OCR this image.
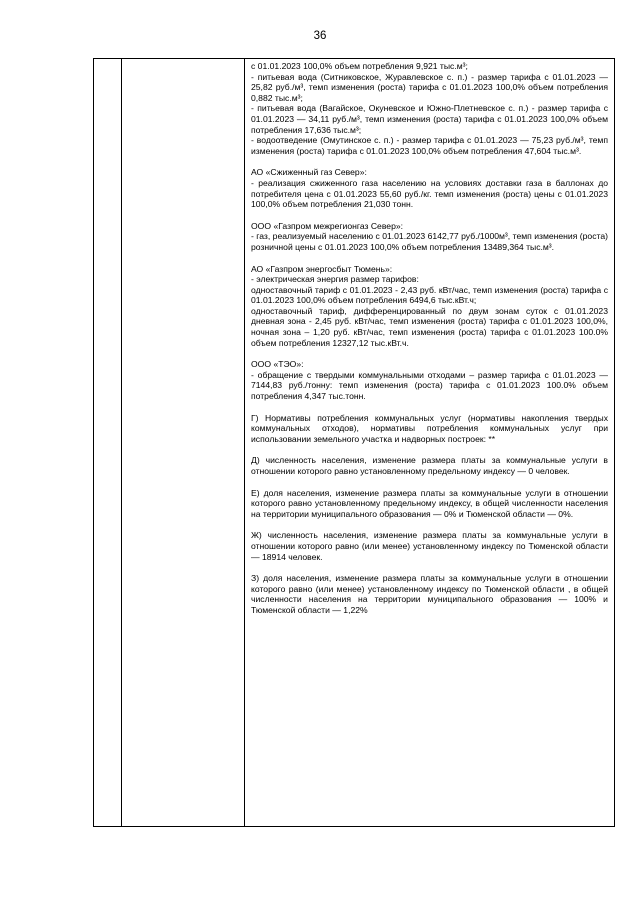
36
с 01.01.2023 100,0% объем потребления 9,921 тыс.м³;
- питьевая вода (Ситниковское, Журавлевское с. п.) - размер тарифа с 01.01.2023 — 25,82 руб./м³, темп изменения (роста) тарифа с 01.01.2023 100,0% объем потребления 0,882 тыс.м³;
- питьевая вода (Вагайское, Окуневское и Южно-Плетневское с. п.) - размер тарифа с 01.01.2023 — 34,11 руб./м³, темп изменения (роста) тарифа с 01.01.2023 100,0% объем потребления 17,636 тыс.м³;
- водоотведение (Омутинское с. п.) - размер тарифа с 01.01.2023 — 75,23 руб./м³, темп изменения (роста) тарифа с 01.01.2023 100,0% объем потребления 47,604 тыс.м³.
АО «Сжиженный газ Север»:
- реализация сжиженного газа населению на условиях доставки газа в баллонах до потребителя цена с 01.01.2023 55,60 руб./кг. темп изменения (роста) цены с 01.01.2023 100,0% объем потребления 21,030 тонн.
ООО «Газпром межрегионгаз Север»:
- газ, реализуемый населению с 01.01.2023 6142,77 руб./1000м³, темп изменения (роста) розничной цены с 01.01.2023 100,0% объем потребления 13489,364 тыс.м³.
АО «Газпром энергосбыт Тюмень»:
- электрическая энергия размер тарифов:
одноставочный тариф с 01.01.2023 - 2,43 руб. кВт/час, темп изменения (роста) тарифа с 01.01.2023 100,0% объем потребления 6494,6 тыс.кВт.ч;
одноставочный тариф, дифференцированный по двум зонам суток с 01.01.2023 дневная зона - 2,45 руб. кВт/час, темп изменения (роста) тарифа с 01.01.2023 100,0%, ночная зона – 1,20 руб. кВт/час, темп изменения (роста) тарифа с 01.01.2023 100.0% объем потребления 12327,12 тыс.кВт.ч.
ООО «ТЭО»:
- обращение с твердыми коммунальными отходами – размер тарифа с 01.01.2023 — 7144,83 руб./тонну: темп изменения (роста) тарифа с 01.01.2023 100.0% объем потребления 4,347 тыс.тонн.
Г) Нормативы потребления коммунальных услуг (нормативы накопления твердых коммунальных отходов), нормативы потребления коммунальных услуг при использовании земельного участка и надворных построек: **
Д) численность населения, изменение размера платы за коммунальные услуги в отношении которого равно установленному предельному индексу — 0 человек.
Е) доля населения, изменение размера платы за коммунальные услуги в отношении которого равно установленному предельному индексу, в общей численности населения на территории муниципального образования — 0% и Тюменской области — 0%.
Ж) численность населения, изменение размера платы за коммунальные услуги в отношении которого равно (или менее) установленному индексу по Тюменской области — 18914 человек.
З) доля населения, изменение размера платы за коммунальные услуги в отношении которого равно (или менее) установленному индексу по Тюменской области , в общей численности населения на территории муниципального образования — 100% и Тюменской области — 1,22%
